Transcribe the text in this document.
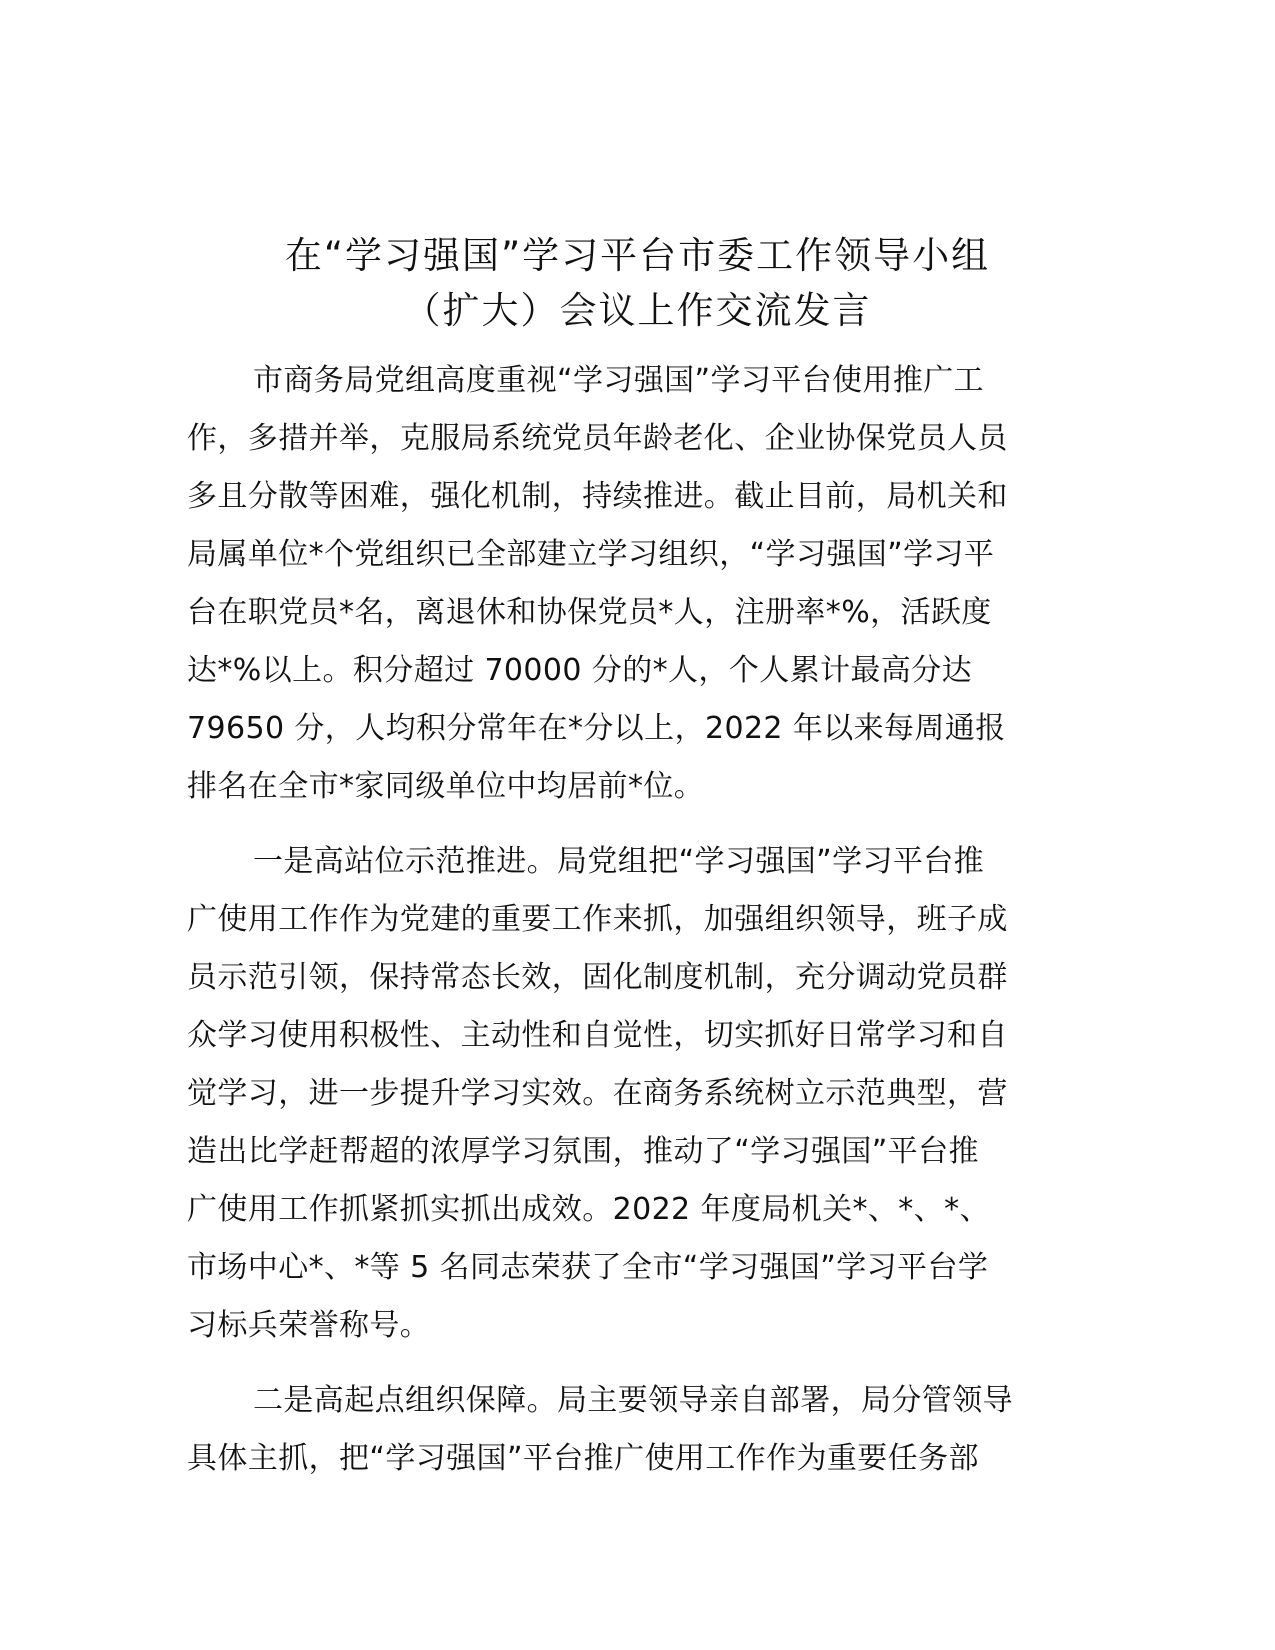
在“学习强国”学习平台市委工作领导小组
（扩大）会议上作交流发言
市商务局党组高度重视“学习强国”学习平台使用推广工
作，多措并举，克服局系统党员年龄老化、企业协保党员人员
多且分散等困难，强化机制，持续推进。截止目前，局机关和
局属单位*个党组织已全部建立学习组织，“学习强国”学习平
台在职党员*名，离退休和协保党员*人，注册率*%，活跃度
达*%以上。积分超过 70000 分的*人，个人累计最高分达
79650 分，人均积分常年在*分以上，2022 年以来每周通报
排名在全市*家同级单位中均居前*位。
一是高站位示范推进。局党组把“学习强国”学习平台推
广使用工作作为党建的重要工作来抓，加强组织领导，班子成
员示范引领，保持常态长效，固化制度机制，充分调动党员群
众学习使用积极性、主动性和自觉性，切实抓好日常学习和自
觉学习，进一步提升学习实效。在商务系统树立示范典型，营
造出比学赶帮超的浓厚学习氛围，推动了“学习强国”平台推
广使用工作抓紧抓实抓出成效。2022 年度局机关*、*、*、
市场中心*、*等 5 名同志荣获了全市“学习强国”学习平台学
习标兵荣誉称号。
二是高起点组织保障。局主要领导亲自部署，局分管领导
具体主抓，把“学习强国”平台推广使用工作作为重要任务部
